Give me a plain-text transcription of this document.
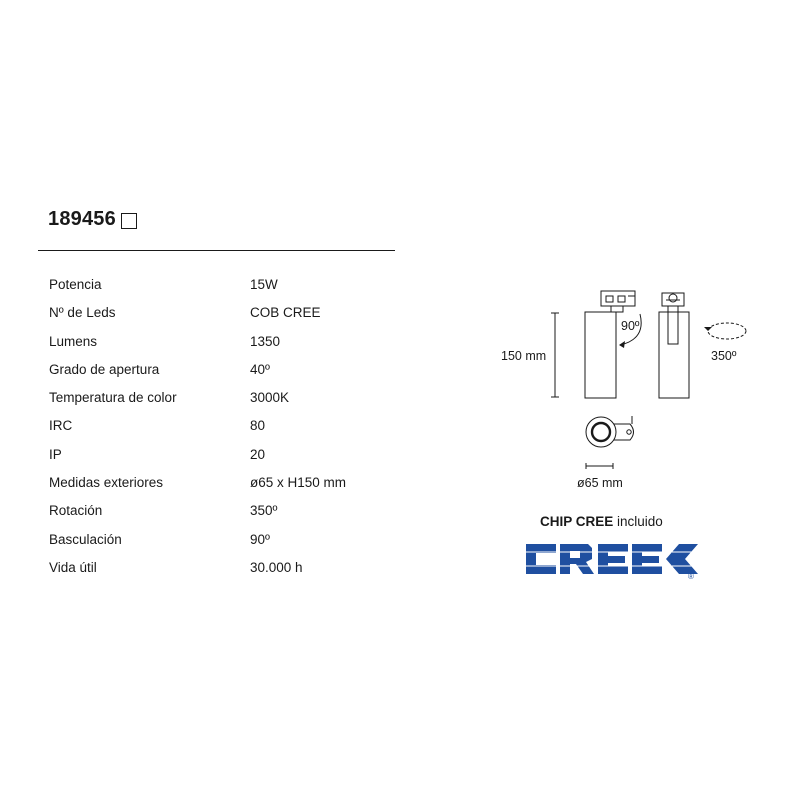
189456
Potencia	15W
Nº de Leds	COB CREE
Lumens	1350
Grado de apertura	40º
Temperatura de color	3000K
IRC	80
IP	20
Medidas exteriores	ø65 x H150 mm
Rotación	350º
Basculación	90º
Vida útil	30.000 h
150 mm
90º
350º
ø65 mm
CHIP CREE incluido
®
